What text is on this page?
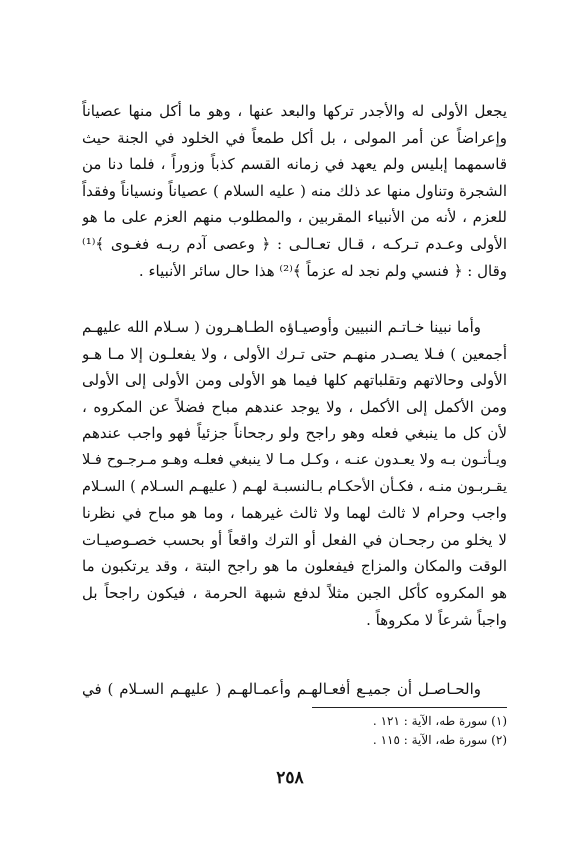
يجعل الأولى له والأجدر تركها والبعد عنها ، وهو ما أكل منها عصياناً
وإعراضاً عن أمر المولى ، بل أكل طمعاً في الخلود في الجنة حيث
قاسمهما إبليس ولم يعهد في زمانه القسم كذباً وزوراً ، فلما دنا من
الشجرة وتناول منها عد ذلك منه ( عليه السلام ) عصياناً ونسياناً وفقداً
للعزم ، لأنه من الأنبياء المقربين ، والمطلوب منهم العزم على ما هو
الأولى وعـدم تـركـه ، قـال تعـالـى : ﴿ وعصى آدم ربـه فغـوى ﴾⁽¹⁾
وقال : ﴿ فنسي ولم نجد له عزماً ﴾⁽²⁾ هذا حال سائر الأنبياء .
وأما نبينا خـاتـم النبيين وأوصيـاؤه الطـاهـرون ( سـلام الله عليهـم
أجمعين ) فـلا يصـدر منهـم حتى تـرك الأولى ، ولا يفعلـون إلا مـا هـو
الأولى وحالاتهم وتقلباتهم كلها فيما هو الأولى ومن الأولى إلى الأولى
ومن الأكمل إلى الأكمل ، ولا يوجد عندهم مباح فضلاً عن المكروه ،
لأن كل ما ينبغي فعله وهو راجح ولو رجحاناً جزئياً فهو واجب عندهم
ويـأتـون بـه ولا يعـدون عنـه ، وكـل مـا لا ينبغي فعلـه وهـو مـرجـوح فـلا
يقـربـون منـه ، فكـأن الأحكـام بـالنسبـة لهـم ( عليهـم السـلام ) السـلام
واجب وحرام لا ثالث لهما ولا ثالث غيرهما ، وما هو مباح في نظرنا
لا يخلو من رجحـان في الفعل أو الترك واقعاً أو بحسب خصـوصيـات
الوقت والمكان والمزاج فيفعلون ما هو راجح البتة ، وقد يرتكبون ما
هو المكروه كأكل الجبن مثلاً لدفع شبهة الحرمة ، فيكون راجحاً بل
واجباً شرعاً لا مكروهاً .
والحـاصـل أن جميـع أفعـالهـم وأعمـالهـم ( عليهـم السـلام ) في
(١) سورة طه، الآية : ١٢١ .
(٢) سورة طه، الآية : ١١٥ .
٢٥٨
